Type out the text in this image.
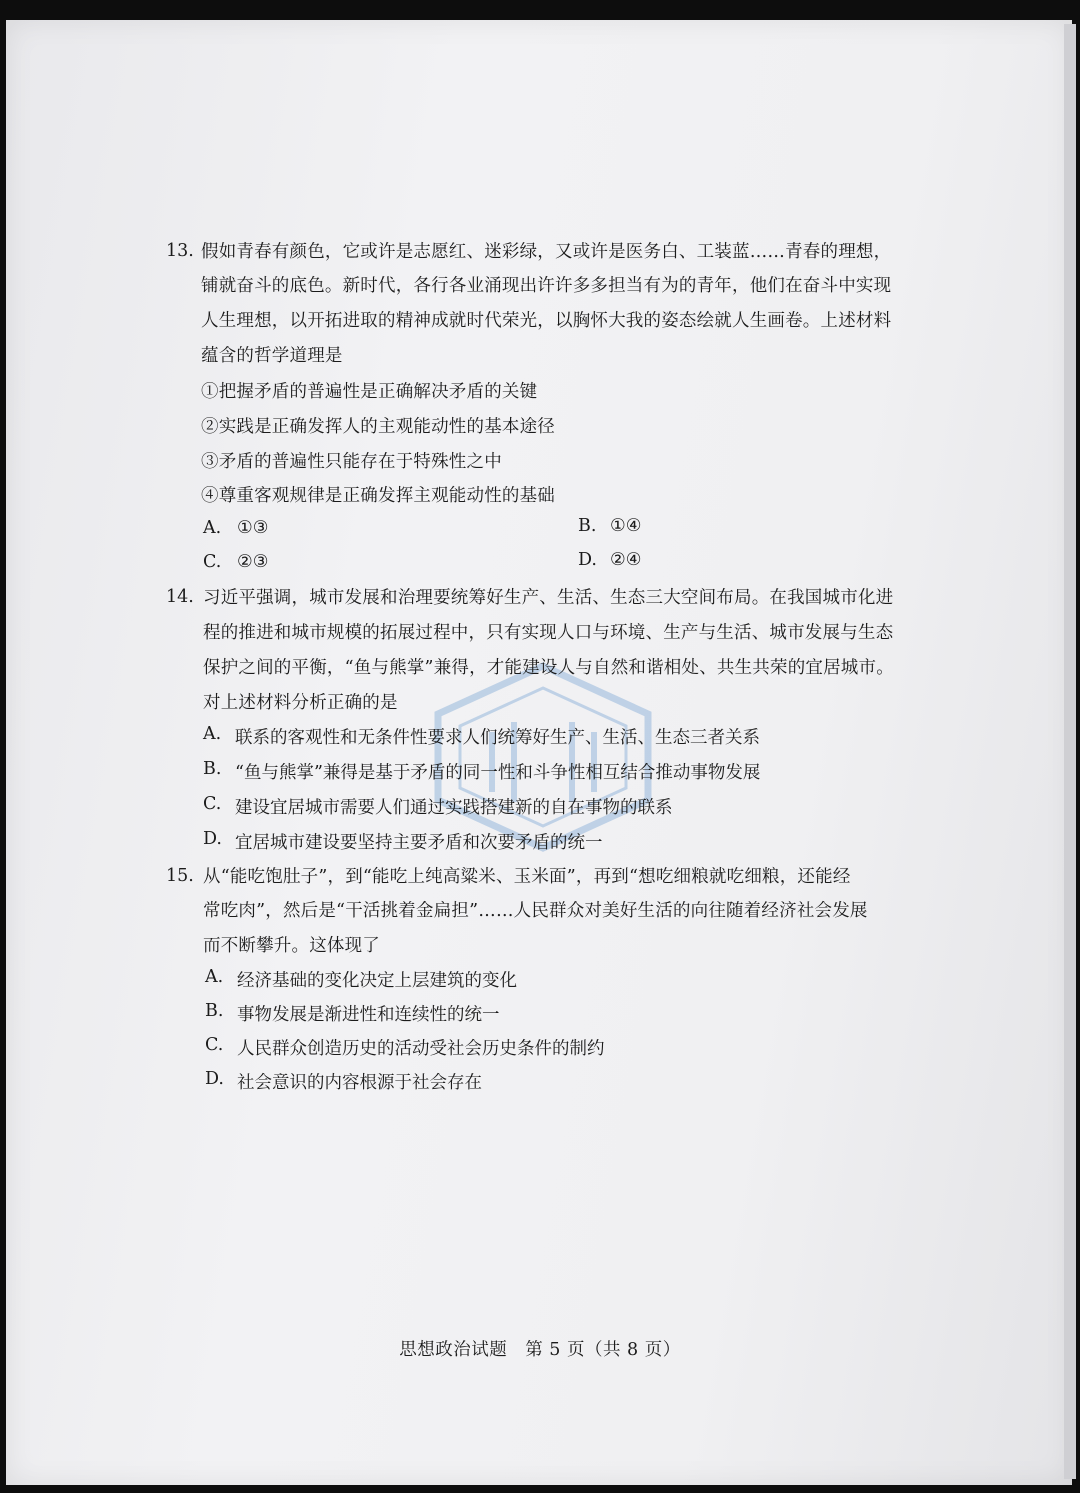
13. 假如青春有颜色，它或许是志愿红、迷彩绿，又或许是医务白、工装蓝……青春的理想，
铺就奋斗的底色。新时代，各行各业涌现出许许多多担当有为的青年，他们在奋斗中实现
人生理想，以开拓进取的精神成就时代荣光，以胸怀大我的姿态绘就人生画卷。上述材料
蕴含的哲学道理是
①把握矛盾的普遍性是正确解决矛盾的关键
②实践是正确发挥人的主观能动性的基本途径
③矛盾的普遍性只能存在于特殊性之中
④尊重客观规律是正确发挥主观能动性的基础
A. ①③	B. ①④
C. ②③	D. ②④
14. 习近平强调，城市发展和治理要统筹好生产、生活、生态三大空间布局。在我国城市化进
程的推进和城市规模的拓展过程中，只有实现人口与环境、生产与生活、城市发展与生态
保护之间的平衡，“鱼与熊掌”兼得，才能建设人与自然和谐相处、共生共荣的宜居城市。
对上述材料分析正确的是
A. 联系的客观性和无条件性要求人们统筹好生产、生活、生态三者关系
B. “鱼与熊掌”兼得是基于矛盾的同一性和斗争性相互结合推动事物发展
C. 建设宜居城市需要人们通过实践搭建新的自在事物的联系
D. 宜居城市建设要坚持主要矛盾和次要矛盾的统一
15. 从“能吃饱肚子”，到“能吃上纯高粱米、玉米面”，再到“想吃细粮就吃细粮，还能经
常吃肉”，然后是“干活挑着金扁担”……人民群众对美好生活的向往随着经济社会发展
而不断攀升。这体现了
A. 经济基础的变化决定上层建筑的变化
B. 事物发展是渐进性和连续性的统一
C. 人民群众创造历史的活动受社会历史条件的制约
D. 社会意识的内容根源于社会存在
思想政治试题　第 5 页（共 8 页）
